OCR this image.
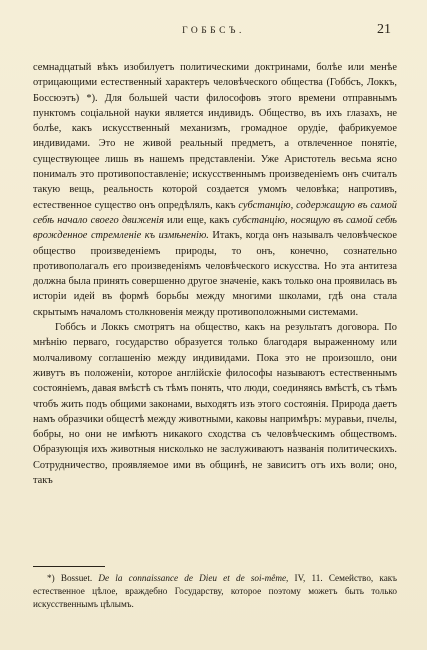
ГОББСЪ.	21

семнадцатый вѣкъ изобилуетъ политическими доктринами, болѣе или менѣе отрицающими естественный характеръ человѣческого общества (Гоббсъ, Локкъ, Боссюэтъ) *). Для большей части философовъ этого времени отправнымъ пунктомъ соціальной науки является индивидъ. Общество, въ ихъ глазахъ, не болѣе, какъ искусственный механизмъ, громадное орудіе, фабрикуемое индивидами. Это не живой реальный предметъ, а отвлеченное понятіе, существующее лишь въ нашемъ представленіи. Уже Аристотель весьма ясно понималъ это противопоставленіе; искусственнымъ произведеніемъ онъ считалъ такую вещь, реальность которой создается умомъ человѣка; напротивъ, естественное существо онъ опредѣлялъ, какъ субстанцію, содержащую въ самой себѣ начало своего движенія или еще, какъ субстанцію, носящую въ самой себѣ врожденное стремленіе къ измѣненію. Итакъ, когда онъ называлъ человѣческое общество произведеніемъ природы, то онъ, конечно, сознательно противополагалъ его произведеніямъ человѣческого искусства. Но эта антитеза должна была принять совершенно другое значеніе, какъ только она проявилась въ исторіи идей въ формѣ борьбы между многими школами, гдѣ она стала скрытымъ началомъ столкновенія между противоположными системами.

Гоббсъ и Локкъ смотрятъ на общество, какъ на результатъ договора. По мнѣнію перваго, государство образуется только благодаря выраженному или молчаливому соглашенію между индивидами. Пока это не произошло, они живутъ въ положеніи, которое англійскіе философы называютъ естественнымъ состояніемъ, давая вмѣстѣ съ тѣмъ понять, что люди, соединяясь вмѣстѣ, съ тѣмъ чтобъ жить подъ общими законами, выходятъ изъ этого состоянія. Природа даетъ намъ образчики общестѣ между животными, каковы напримѣръ: муравьи, пчелы, бобры, но они не имѣютъ никакого сходства съ человѣческимъ обществомъ. Образующія ихъ животныя нисколько не заслуживаютъ названія политическихъ. Сотрудничество, проявляемое ими въ общинѣ, не зависитъ отъ ихъ воли; оно, такъ

*) Bossuet. De la connaissance de Dieu et de soi-même, IV, 11. Семейство, какъ естественное цѣлое, враждебно Государству, которое поэтому можетъ быть только искусственнымъ цѣлымъ.
